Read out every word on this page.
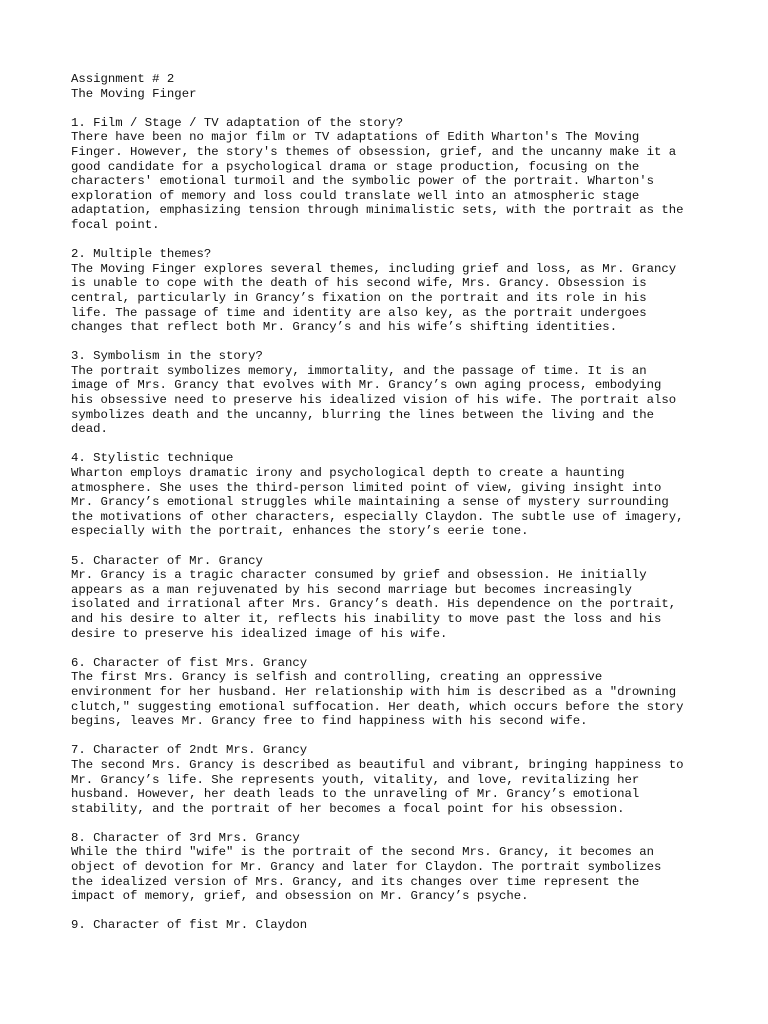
Assignment # 2
The Moving Finger
1. Film / Stage / TV adaptation of the story?
There have been no major film or TV adaptations of Edith Wharton's The Moving
Finger. However, the story's themes of obsession, grief, and the uncanny make it a
good candidate for a psychological drama or stage production, focusing on the
characters' emotional turmoil and the symbolic power of the portrait. Wharton's
exploration of memory and loss could translate well into an atmospheric stage
adaptation, emphasizing tension through minimalistic sets, with the portrait as the
focal point.
2. Multiple themes?
The Moving Finger explores several themes, including grief and loss, as Mr. Grancy
is unable to cope with the death of his second wife, Mrs. Grancy. Obsession is
central, particularly in Grancy’s fixation on the portrait and its role in his
life. The passage of time and identity are also key, as the portrait undergoes
changes that reflect both Mr. Grancy’s and his wife’s shifting identities.
3. Symbolism in the story?
The portrait symbolizes memory, immortality, and the passage of time. It is an
image of Mrs. Grancy that evolves with Mr. Grancy’s own aging process, embodying
his obsessive need to preserve his idealized vision of his wife. The portrait also
symbolizes death and the uncanny, blurring the lines between the living and the
dead.
4. Stylistic technique
Wharton employs dramatic irony and psychological depth to create a haunting
atmosphere. She uses the third-person limited point of view, giving insight into
Mr. Grancy’s emotional struggles while maintaining a sense of mystery surrounding
the motivations of other characters, especially Claydon. The subtle use of imagery,
especially with the portrait, enhances the story’s eerie tone.
5. Character of Mr. Grancy
Mr. Grancy is a tragic character consumed by grief and obsession. He initially
appears as a man rejuvenated by his second marriage but becomes increasingly
isolated and irrational after Mrs. Grancy’s death. His dependence on the portrait,
and his desire to alter it, reflects his inability to move past the loss and his
desire to preserve his idealized image of his wife.
6. Character of fist Mrs. Grancy
The first Mrs. Grancy is selfish and controlling, creating an oppressive
environment for her husband. Her relationship with him is described as a "drowning
clutch," suggesting emotional suffocation. Her death, which occurs before the story
begins, leaves Mr. Grancy free to find happiness with his second wife.
7. Character of 2ndt Mrs. Grancy
The second Mrs. Grancy is described as beautiful and vibrant, bringing happiness to
Mr. Grancy’s life. She represents youth, vitality, and love, revitalizing her
husband. However, her death leads to the unraveling of Mr. Grancy’s emotional
stability, and the portrait of her becomes a focal point for his obsession.
8. Character of 3rd Mrs. Grancy
While the third "wife" is the portrait of the second Mrs. Grancy, it becomes an
object of devotion for Mr. Grancy and later for Claydon. The portrait symbolizes
the idealized version of Mrs. Grancy, and its changes over time represent the
impact of memory, grief, and obsession on Mr. Grancy’s psyche.
9. Character of fist Mr. Claydon
